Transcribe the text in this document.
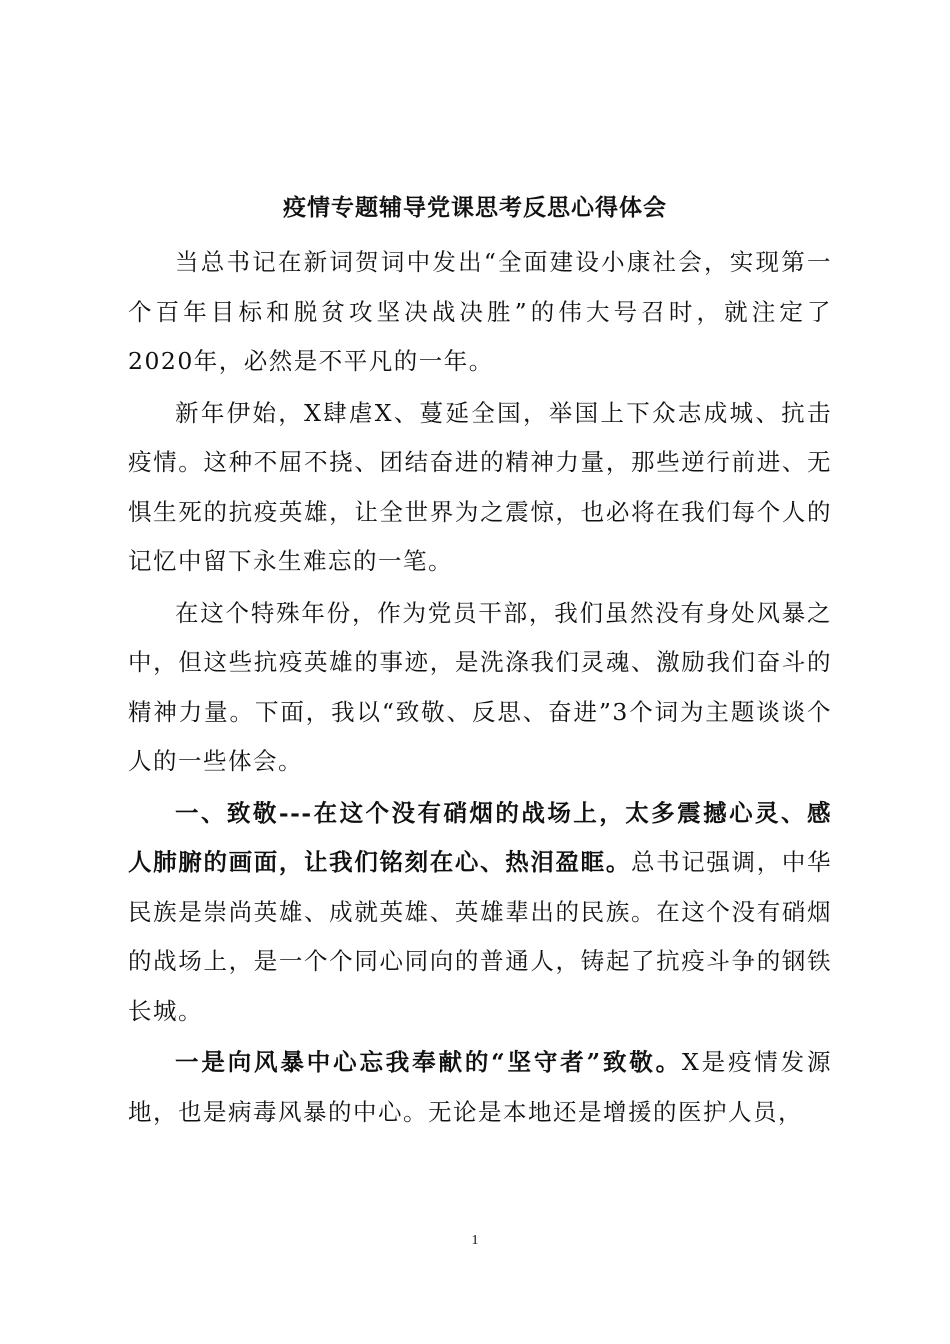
疫情专题辅导党课思考反思心得体会

当总书记在新词贺词中发出“全面建设小康社会，实现第一个百年目标和脱贫攻坚决战决胜”的伟大号召时，就注定了2020年，必然是不平凡的一年。

新年伊始，X肆虐X、蔓延全国，举国上下众志成城、抗击疫情。这种不屈不挠、团结奋进的精神力量，那些逆行前进、无惧生死的抗疫英雄，让全世界为之震惊，也必将在我们每个人的记忆中留下永生难忘的一笔。

在这个特殊年份，作为党员干部，我们虽然没有身处风暴之中，但这些抗疫英雄的事迹，是洗涤我们灵魂、激励我们奋斗的精神力量。下面，我以“致敬、反思、奋进”3个词为主题谈谈个人的一些体会。

一、致敬---在这个没有硝烟的战场上，太多震撼心灵、感人肺腑的画面，让我们铭刻在心、热泪盈眶。总书记强调，中华民族是崇尚英雄、成就英雄、英雄辈出的民族。在这个没有硝烟的战场上，是一个个同心同向的普通人，铸起了抗疫斗争的钢铁长城。

一是向风暴中心忘我奉献的“坚守者”致敬。X是疫情发源地，也是病毒风暴的中心。无论是本地还是增援的医护人员，

1
